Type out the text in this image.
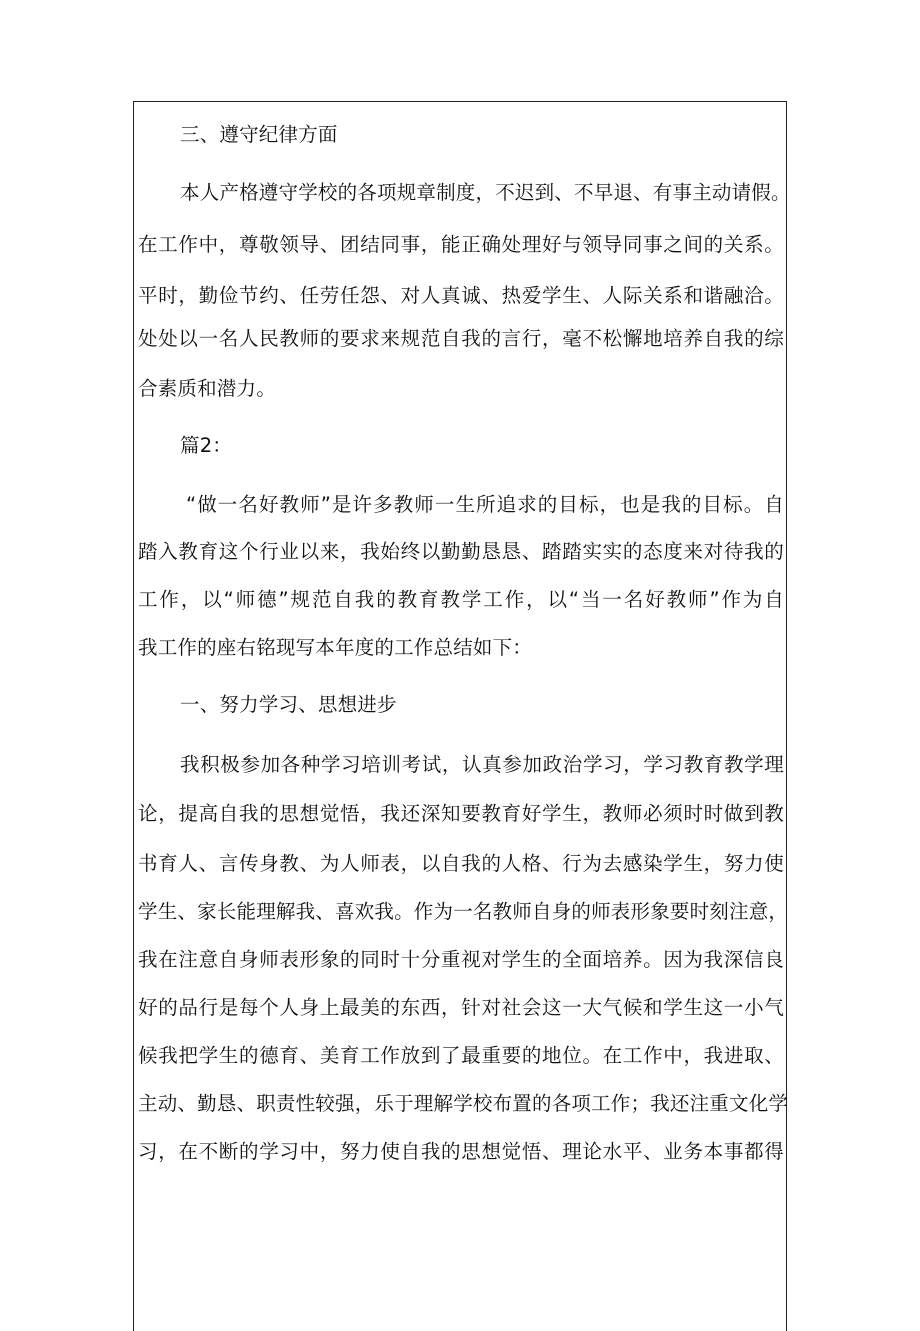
三、遵守纪律方面
本人产格遵守学校的各项规章制度，不迟到、不早退、有事主动请假。
在工作中，尊敬领导、团结同事，能正确处理好与领导同事之间的关系。
平时，勤俭节约、任劳任怨、对人真诚、热爱学生、人际关系和谐融洽。
处处以一名人民教师的要求来规范自我的言行，毫不松懈地培养自我的综
合素质和潜力。
篇2：
“做一名好教师”是许多教师一生所追求的目标，也是我的目标。自
踏入教育这个行业以来，我始终以勤勤恳恳、踏踏实实的态度来对待我的
工作，以“师德”规范自我的教育教学工作，以“当一名好教师”作为自
我工作的座右铭现写本年度的工作总结如下：
一、努力学习、思想进步
我积极参加各种学习培训考试，认真参加政治学习，学习教育教学理
论，提高自我的思想觉悟，我还深知要教育好学生，教师必须时时做到教
书育人、言传身教、为人师表，以自我的人格、行为去感染学生，努力使
学生、家长能理解我、喜欢我。作为一名教师自身的师表形象要时刻注意，
我在注意自身师表形象的同时十分重视对学生的全面培养。因为我深信良
好的品行是每个人身上最美的东西，针对社会这一大气候和学生这一小气
候我把学生的德育、美育工作放到了最重要的地位。在工作中，我进取、
主动、勤恳、职责性较强，乐于理解学校布置的各项工作；我还注重文化学
习，在不断的学习中，努力使自我的思想觉悟、理论水平、业务本事都得
